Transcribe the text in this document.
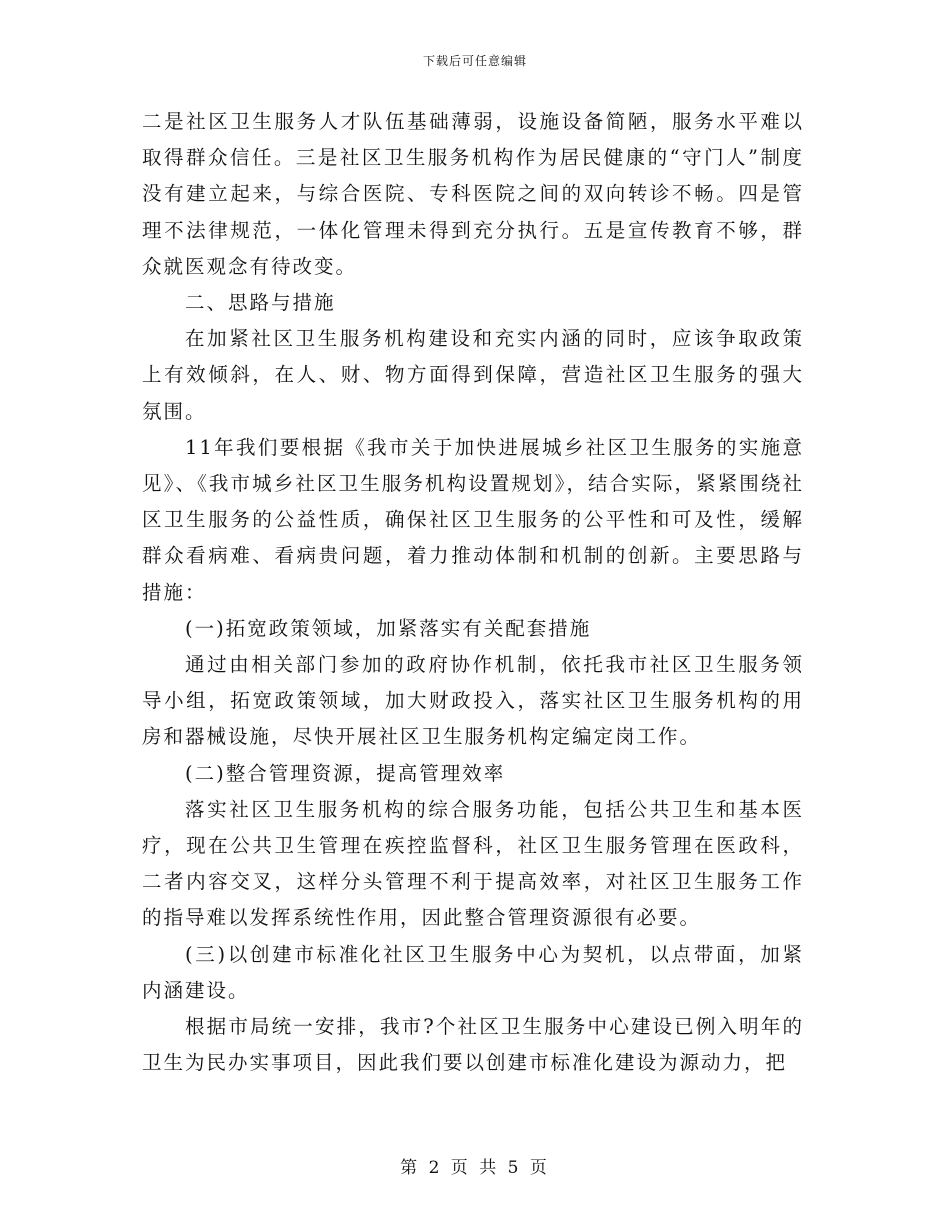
下载后可任意编辑

二是社区卫生服务人才队伍基础薄弱，设施设备简陋，服务水平难以取得群众信任。三是社区卫生服务机构作为居民健康的“守门人”制度没有建立起来，与综合医院、专科医院之间的双向转诊不畅。四是管理不法律规范，一体化管理未得到充分执行。五是宣传教育不够，群众就医观念有待改变。

二、思路与措施

在加紧社区卫生服务机构建设和充实内涵的同时，应该争取政策上有效倾斜，在人、财、物方面得到保障，营造社区卫生服务的强大氛围。

11年我们要根据《我市关于加快进展城乡社区卫生服务的实施意见》、《我市城乡社区卫生服务机构设置规划》，结合实际，紧紧围绕社区卫生服务的公益性质，确保社区卫生服务的公平性和可及性，缓解群众看病难、看病贵问题，着力推动体制和机制的创新。主要思路与措施：

(一)拓宽政策领域，加紧落实有关配套措施

通过由相关部门参加的政府协作机制，依托我市社区卫生服务领导小组，拓宽政策领域，加大财政投入，落实社区卫生服务机构的用房和器械设施，尽快开展社区卫生服务机构定编定岗工作。

(二)整合管理资源，提高管理效率

落实社区卫生服务机构的综合服务功能，包括公共卫生和基本医疗，现在公共卫生管理在疾控监督科，社区卫生服务管理在医政科，二者内容交叉，这样分头管理不利于提高效率，对社区卫生服务工作的指导难以发挥系统性作用，因此整合管理资源很有必要。

(三)以创建市标准化社区卫生服务中心为契机，以点带面，加紧内涵建设。

根据市局统一安排，我市?个社区卫生服务中心建设已例入明年的卫生为民办实事项目，因此我们要以创建市标准化建设为源动力，把

第 2 页 共 5 页
